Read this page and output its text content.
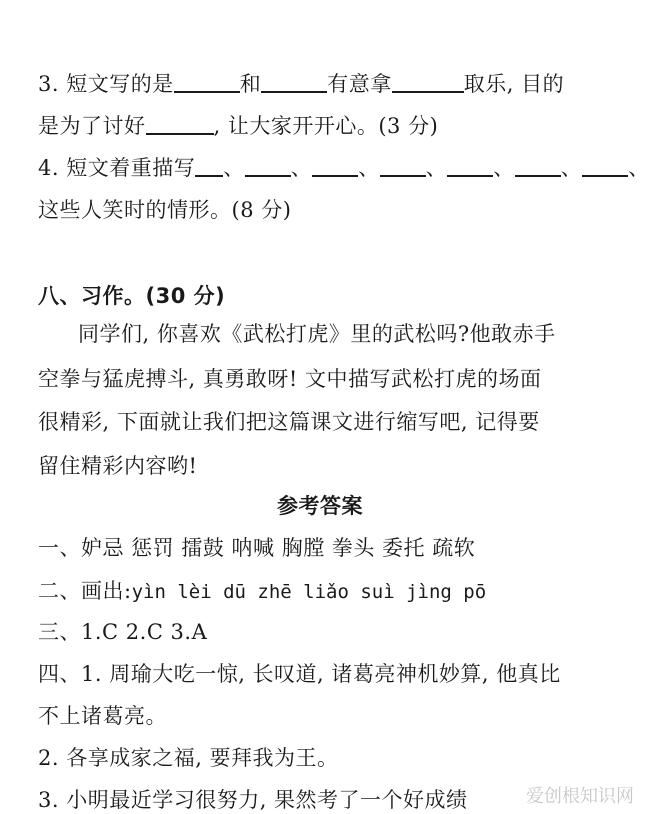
3. 短文写的是	和	有意拿	取乐, 目的
是为了讨好	, 让大家开开心。(3 分)
4. 短文着重描写 、 、 、 、 、 、 、
这些人笑时的情形。(8 分)
八、习作。(30 分)
同学们, 你喜欢《武松打虎》里的武松吗?他敢赤手
空拳与猛虎搏斗, 真勇敢呀! 文中描写武松打虎的场面
很精彩, 下面就让我们把这篇课文进行缩写吧, 记得要
留住精彩内容哟!
参考答案
一、妒忌 惩罚 擂鼓 呐喊 胸膛 拳头 委托 疏软
二、画出:yìn lèi dū zhē liǎo suì jìng pō
三、1.C 2.C 3.A
四、1. 周瑜大吃一惊, 长叹道, 诸葛亮神机妙算, 他真比
不上诸葛亮。
2. 各享成家之福, 要拜我为王。
3. 小明最近学习很努力, 果然考了一个好成绩	爱创根知识网
